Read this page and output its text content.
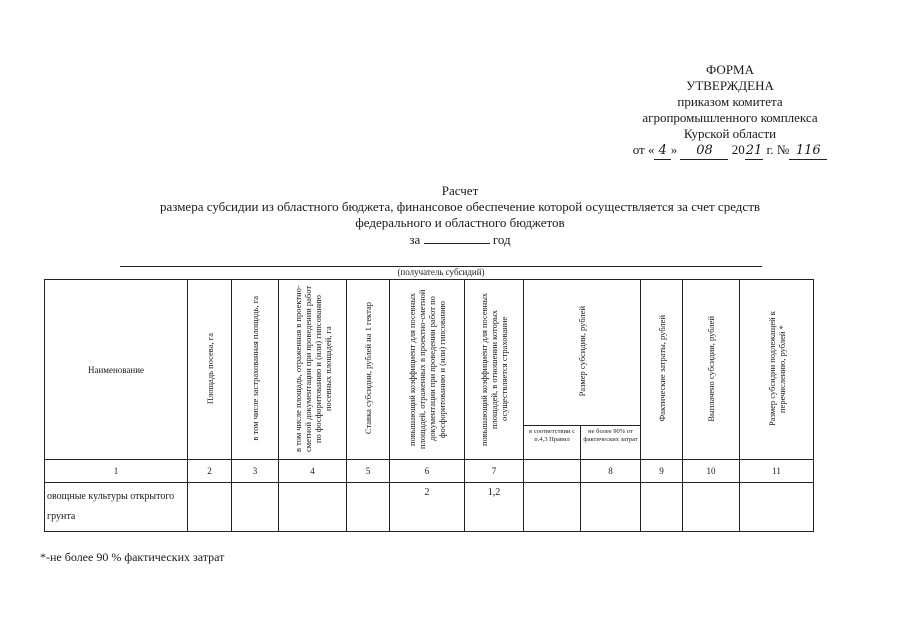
ФОРМА
УТВЕРЖДЕНА
приказом комитета
агропромышленного комплекса
Курской области
от « 4 » 08 2021 г. № 116
Расчет
размера субсидии из областного бюджета, финансовое обеспечение которой осуществляется за счет средств
федерального и областного бюджетов
за	год
(получатель субсидий)
Наименование	Площадь посева, га	в том числе застрахованная площадь, га	в том числе площадь, отраженная в проектно-сметной документации при проведении работ по фосфоритованию и (или) гипсованию посевных площадей, га	Ставка субсидии, рублей на 1 гектар	повышающий коэффициент для посевных площадей, отраженных в проектно-сметной документации при проведении работ по фосфоритованию и (или) гипсованию	повышающий коэффициент для посевных площадей, в отношении которых осуществляется страхование	Размер субсидии, рублей		Фактические затраты, рублей	Выплачено субсидии, рублей	Размер субсидии подлежащей к перечислению, рублей *
							в соответствии с п.4,3 Правил	не более 90% от фактических затрат			
1	2	3	4	5	6	7		8	9	10	11
овощные культуры открытого грунта					2	1,2					
*-не более 90 % фактических затрат
